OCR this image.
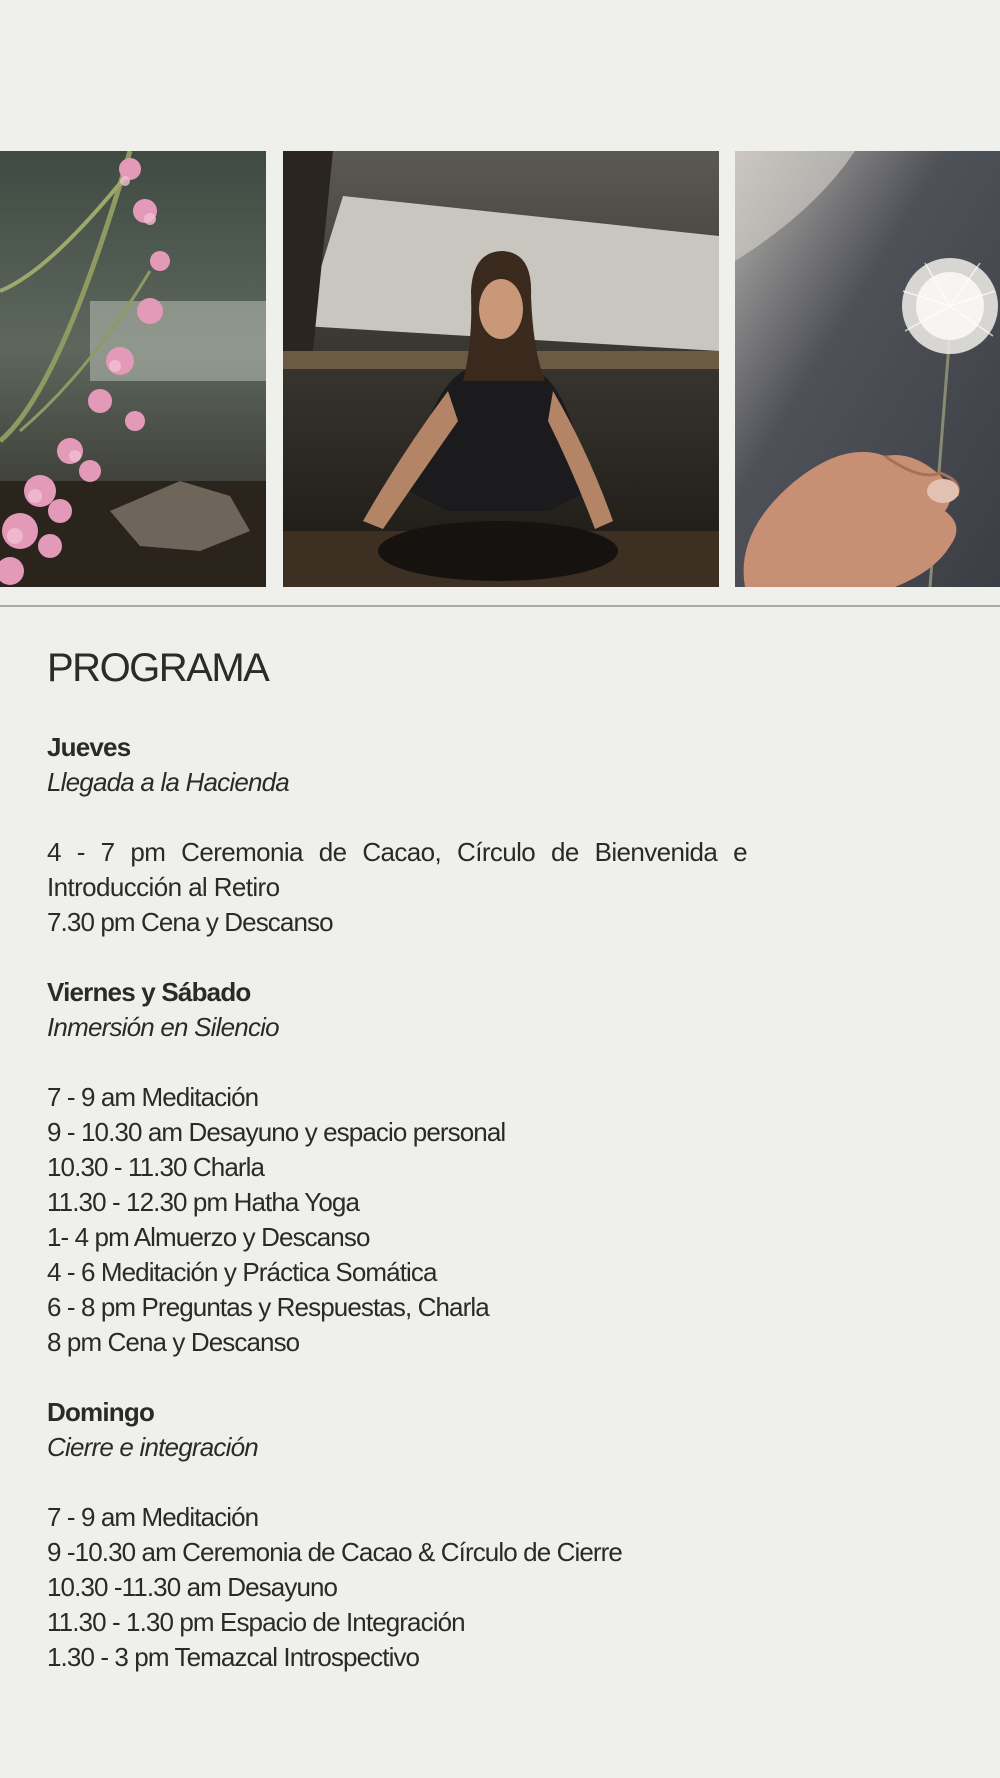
PROGRAMA
Jueves
Llegada a la Hacienda
4 - 7 pm Ceremonia de Cacao, Círculo de Bienvenida e Introducción al Retiro
7.30 pm Cena y Descanso
Viernes y Sábado
Inmersión en Silencio
7 - 9 am Meditación
9 - 10.30 am Desayuno y espacio personal
10.30 - 11.30 Charla
11.30 - 12.30 pm Hatha Yoga
1- 4 pm Almuerzo y Descanso
4 - 6 Meditación y Práctica Somática
6 - 8 pm Preguntas y Respuestas, Charla
8 pm Cena y Descanso
Domingo
Cierre e integración
7 - 9 am Meditación
9 -10.30 am Ceremonia de Cacao & Círculo de Cierre
10.30 -11.30 am Desayuno
11.30 - 1.30 pm Espacio de Integración
1.30 - 3 pm Temazcal Introspectivo
